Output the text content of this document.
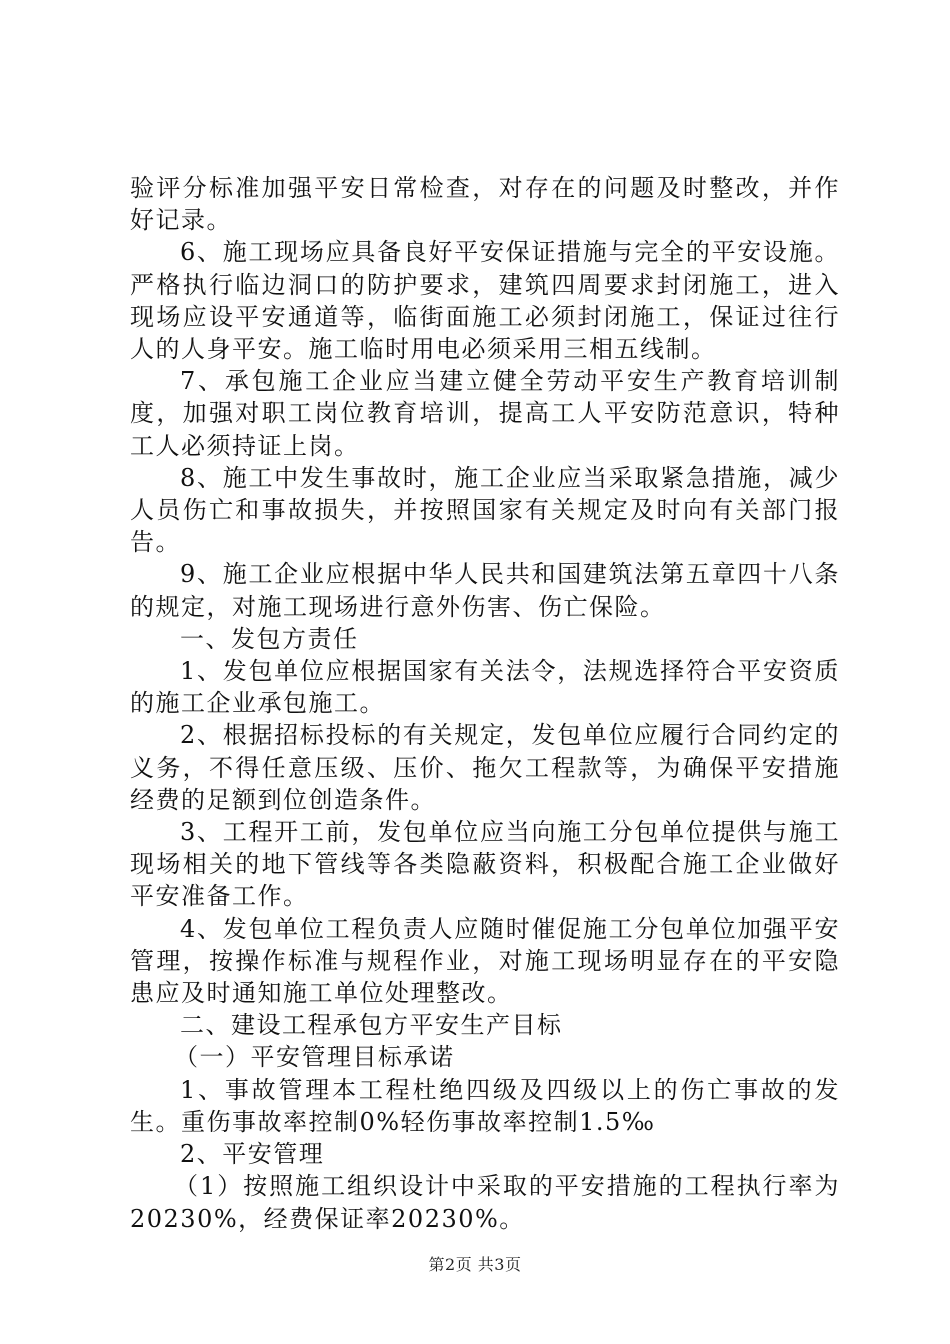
验评分标准加强平安日常检查，对存在的问题及时整改，并作好记录。

6、施工现场应具备良好平安保证措施与完全的平安设施。严格执行临边洞口的防护要求，建筑四周要求封闭施工，进入现场应设平安通道等，临街面施工必须封闭施工，保证过往行人的人身平安。施工临时用电必须采用三相五线制。

7、承包施工企业应当建立健全劳动平安生产教育培训制度，加强对职工岗位教育培训，提高工人平安防范意识，特种工人必须持证上岗。

8、施工中发生事故时，施工企业应当采取紧急措施，减少人员伤亡和事故损失，并按照国家有关规定及时向有关部门报告。

9、施工企业应根据中华人民共和国建筑法第五章四十八条的规定，对施工现场进行意外伤害、伤亡保险。

一、发包方责任

1、发包单位应根据国家有关法令，法规选择符合平安资质的施工企业承包施工。

2、根据招标投标的有关规定，发包单位应履行合同约定的义务，不得任意压级、压价、拖欠工程款等，为确保平安措施经费的足额到位创造条件。

3、工程开工前，发包单位应当向施工分包单位提供与施工现场相关的地下管线等各类隐蔽资料，积极配合施工企业做好平安准备工作。

4、发包单位工程负责人应随时催促施工分包单位加强平安管理，按操作标准与规程作业，对施工现场明显存在的平安隐患应及时通知施工单位处理整改。

二、建设工程承包方平安生产目标

（一）平安管理目标承诺

1、事故管理本工程杜绝四级及四级以上的伤亡事故的发生。重伤事故率控制0%轻伤事故率控制1.5‰

2、平安管理

（1）按照施工组织设计中采取的平安措施的工程执行率为20230%，经费保证率20230%。

第2页 共3页
